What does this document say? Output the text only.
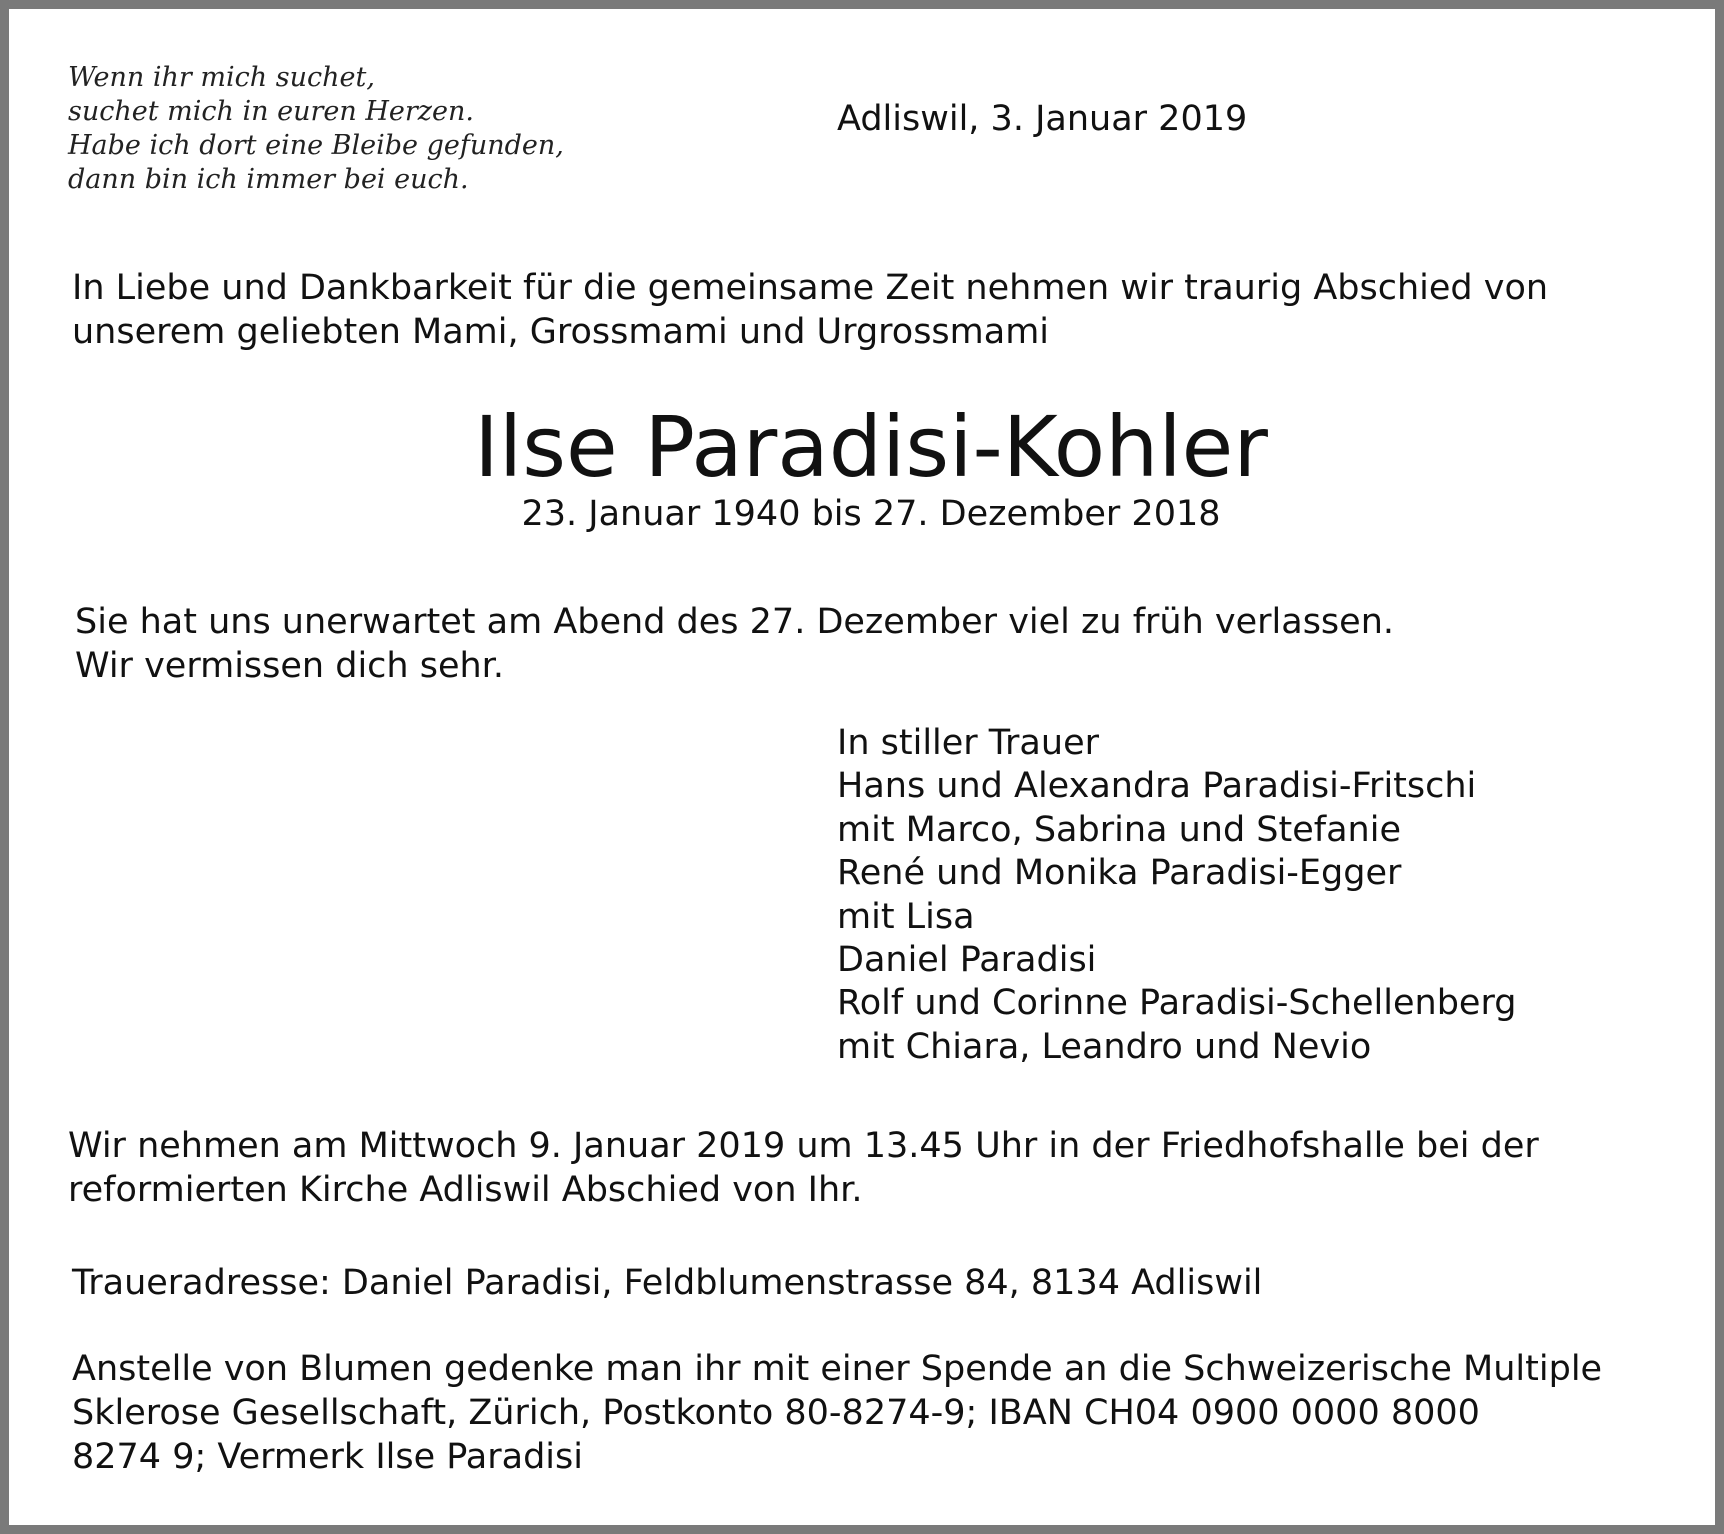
Wenn ihr mich suchet,
suchet mich in euren Herzen.
Habe ich dort eine Bleibe gefunden,
dann bin ich immer bei euch.
Adliswil, 3. Januar 2019
In Liebe und Dankbarkeit für die gemeinsame Zeit nehmen wir traurig Abschied von
unserem geliebten Mami, Grossmami und Urgrossmami
Ilse Paradisi-Kohler
23. Januar 1940 bis 27. Dezember 2018
Sie hat uns unerwartet am Abend des 27. Dezember viel zu früh verlassen.
Wir vermissen dich sehr.
In stiller Trauer
Hans und Alexandra Paradisi-Fritschi
mit Marco, Sabrina und Stefanie
René und Monika Paradisi-Egger
mit Lisa
Daniel Paradisi
Rolf und Corinne Paradisi-Schellenberg
mit Chiara, Leandro und Nevio
Wir nehmen am Mittwoch 9. Januar 2019 um 13.45 Uhr in der Friedhofshalle bei der
reformierten Kirche Adliswil Abschied von Ihr.
Traueradresse: Daniel Paradisi, Feldblumenstrasse 84, 8134 Adliswil
Anstelle von Blumen gedenke man ihr mit einer Spende an die Schweizerische Multiple
Sklerose Gesellschaft, Zürich, Postkonto 80-8274-9; IBAN CH04 0900 0000 8000
8274 9; Vermerk Ilse Paradisi
